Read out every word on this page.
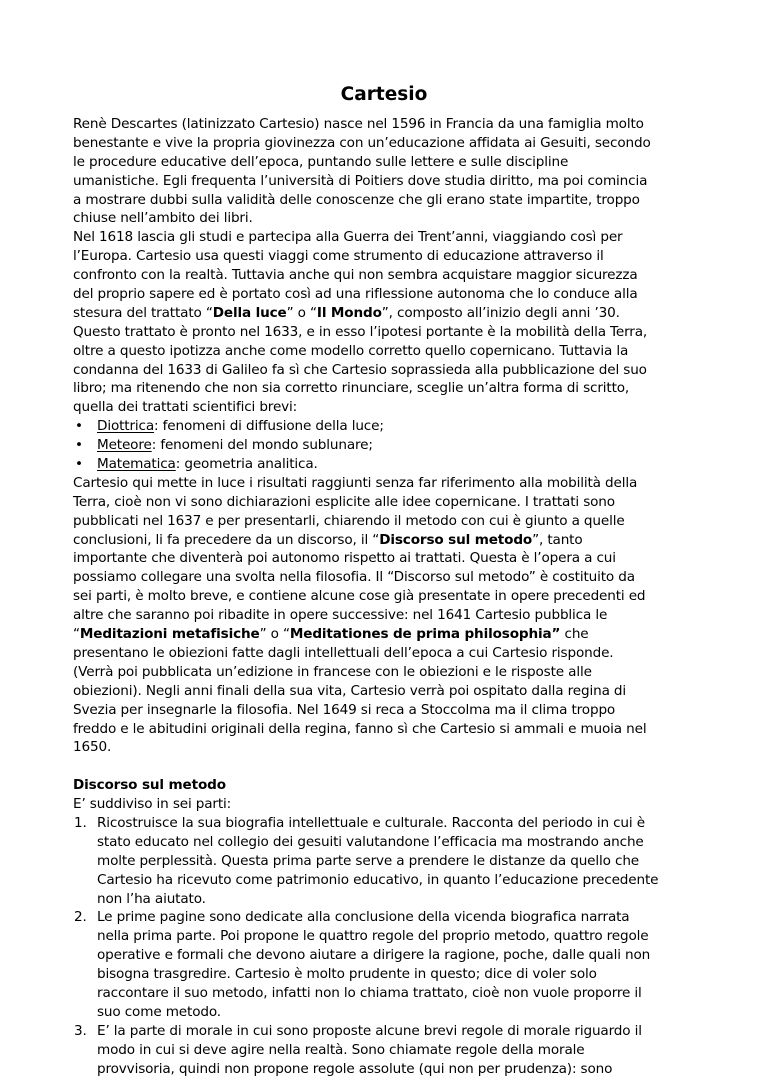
Cartesio
Renè Descartes (latinizzato Cartesio) nasce nel 1596 in Francia da una famiglia molto
benestante e vive la propria giovinezza con un’educazione affidata ai Gesuiti, secondo
le procedure educative dell’epoca, puntando sulle lettere e sulle discipline
umanistiche. Egli frequenta l’università di Poitiers dove studia diritto, ma poi comincia
a mostrare dubbi sulla validità delle conoscenze che gli erano state impartite, troppo
chiuse nell’ambito dei libri.
Nel 1618 lascia gli studi e partecipa alla Guerra dei Trent’anni, viaggiando così per
l’Europa. Cartesio usa questi viaggi come strumento di educazione attraverso il
confronto con la realtà. Tuttavia anche qui non sembra acquistare maggior sicurezza
del proprio sapere ed è portato così ad una riflessione autonoma che lo conduce alla
stesura del trattato “Della luce” o “Il Mondo”, composto all’inizio degli anni ’30.
Questo trattato è pronto nel 1633, e in esso l’ipotesi portante è la mobilità della Terra,
oltre a questo ipotizza anche come modello corretto quello copernicano. Tuttavia la
condanna del 1633 di Galileo fa sì che Cartesio soprassieda alla pubblicazione del suo
libro; ma ritenendo che non sia corretto rinunciare, sceglie un’altra forma di scritto,
quella dei trattati scientifici brevi:
• Diottrica: fenomeni di diffusione della luce;
• Meteore: fenomeni del mondo sublunare;
• Matematica: geometria analitica.
Cartesio qui mette in luce i risultati raggiunti senza far riferimento alla mobilità della
Terra, cioè non vi sono dichiarazioni esplicite alle idee copernicane. I trattati sono
pubblicati nel 1637 e per presentarli, chiarendo il metodo con cui è giunto a quelle
conclusioni, li fa precedere da un discorso, il “Discorso sul metodo”, tanto
importante che diventerà poi autonomo rispetto ai trattati. Questa è l’opera a cui
possiamo collegare una svolta nella filosofia. Il “Discorso sul metodo” è costituito da
sei parti, è molto breve, e contiene alcune cose già presentate in opere precedenti ed
altre che saranno poi ribadite in opere successive: nel 1641 Cartesio pubblica le
“Meditazioni metafisiche” o “Meditationes de prima philosophia” che
presentano le obiezioni fatte dagli intellettuali dell’epoca a cui Cartesio risponde.
(Verrà poi pubblicata un’edizione in francese con le obiezioni e le risposte alle
obiezioni). Negli anni finali della sua vita, Cartesio verrà poi ospitato dalla regina di
Svezia per insegnarle la filosofia. Nel 1649 si reca a Stoccolma ma il clima troppo
freddo e le abitudini originali della regina, fanno sì che Cartesio si ammali e muoia nel
1650.
Discorso sul metodo
E’ suddiviso in sei parti:
1. Ricostruisce la sua biografia intellettuale e culturale. Racconta del periodo in cui è
stato educato nel collegio dei gesuiti valutandone l’efficacia ma mostrando anche
molte perplessità. Questa prima parte serve a prendere le distanze da quello che
Cartesio ha ricevuto come patrimonio educativo, in quanto l’educazione precedente
non l’ha aiutato.
2. Le prime pagine sono dedicate alla conclusione della vicenda biografica narrata
nella prima parte. Poi propone le quattro regole del proprio metodo, quattro regole
operative e formali che devono aiutare a dirigere la ragione, poche, dalle quali non
bisogna trasgredire. Cartesio è molto prudente in questo; dice di voler solo
raccontare il suo metodo, infatti non lo chiama trattato, cioè non vuole proporre il
suo come metodo.
3. E’ la parte di morale in cui sono proposte alcune brevi regole di morale riguardo il
modo in cui si deve agire nella realtà. Sono chiamate regole della morale
provvisoria, quindi non propone regole assolute (qui non per prudenza): sono
